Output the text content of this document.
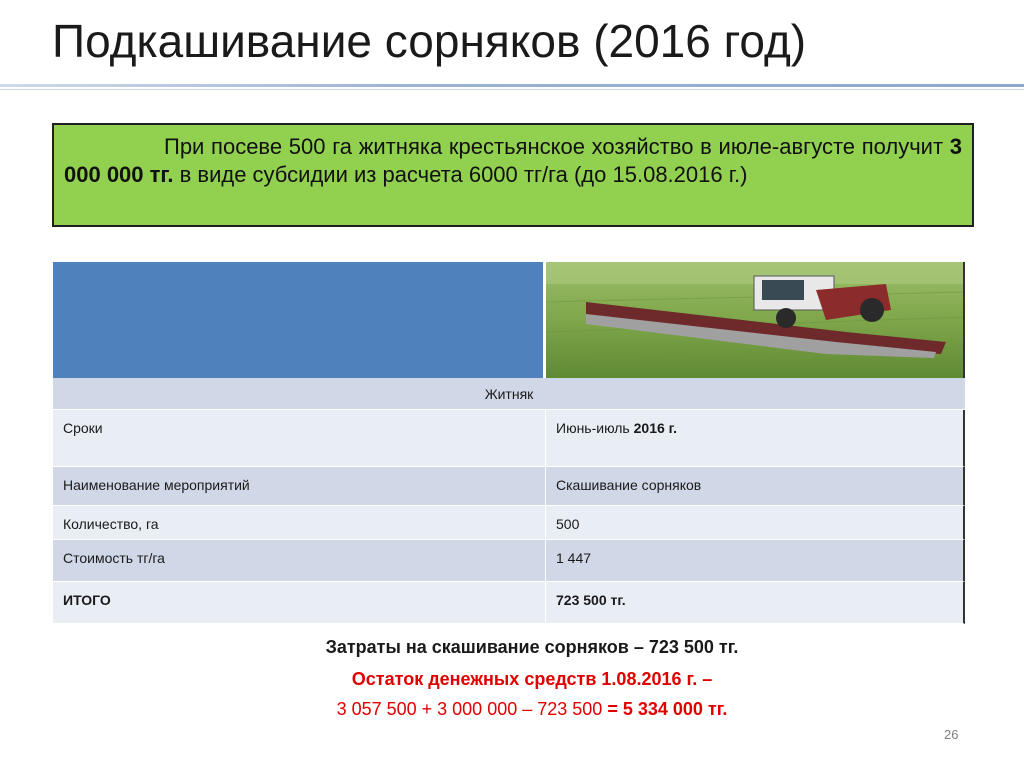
Подкашивание сорняков (2016 год)
При посеве 500 га житняка крестьянское хозяйство в июле-августе получит 3 000 000 тг. в виде субсидии из расчета 6000 тг/га (до 15.08.2016 г.)
Житняк
Сроки	Июнь-июль 2016 г.
Наименование мероприятий	Скашивание сорняков
Количество, га	500
Стоимость тг/га	1 447
ИТОГО	723 500 тг.
Затраты на скашивание сорняков – 723 500 тг.
Остаток денежных средств 1.08.2016 г. –
3 057 500 + 3 000 000 – 723 500 = 5 334 000 тг.
26
